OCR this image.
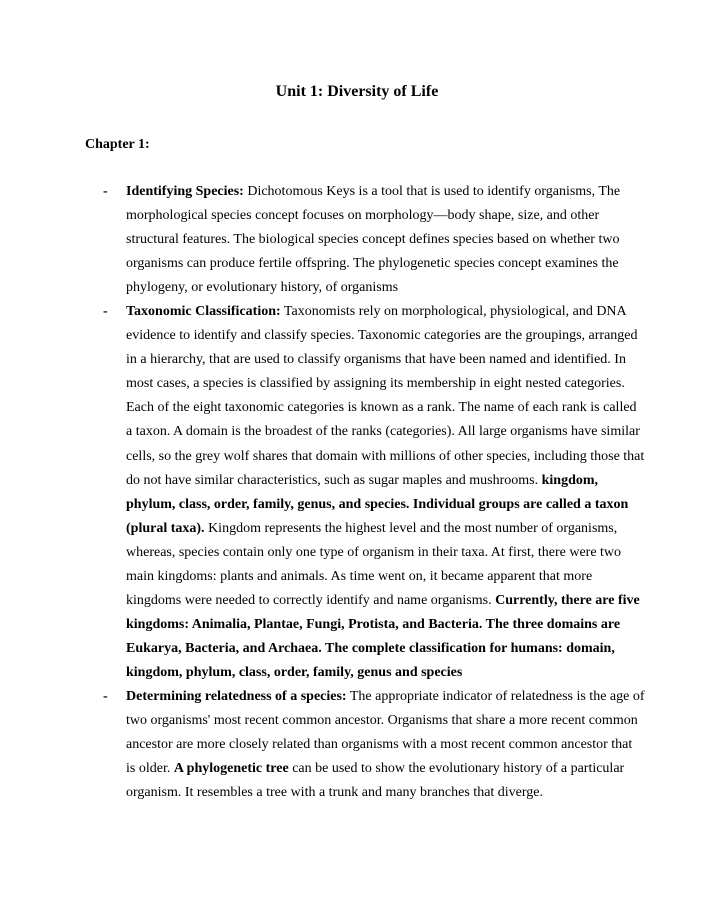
Unit 1: Diversity of Life
Chapter 1:
- Identifying Species: Dichotomous Keys is a tool that is used to identify organisms, The morphological species concept focuses on morphology—body shape, size, and other structural features. The biological species concept defines species based on whether two organisms can produce fertile offspring. The phylogenetic species concept examines the phylogeny, or evolutionary history, of organisms
- Taxonomic Classification: Taxonomists rely on morphological, physiological, and DNA evidence to identify and classify species. Taxonomic categories are the groupings, arranged in a hierarchy, that are used to classify organisms that have been named and identified. In most cases, a species is classified by assigning its membership in eight nested categories. Each of the eight taxonomic categories is known as a rank. The name of each rank is called a taxon. A domain is the broadest of the ranks (categories). All large organisms have similar cells, so the grey wolf shares that domain with millions of other species, including those that do not have similar characteristics, such as sugar maples and mushrooms. kingdom, phylum, class, order, family, genus, and species. Individual groups are called a taxon (plural taxa). Kingdom represents the highest level and the most number of organisms, whereas, species contain only one type of organism in their taxa. At first, there were two main kingdoms: plants and animals. As time went on, it became apparent that more kingdoms were needed to correctly identify and name organisms. Currently, there are five kingdoms: Animalia, Plantae, Fungi, Protista, and Bacteria. The three domains are Eukarya, Bacteria, and Archaea. The complete classification for humans: domain, kingdom, phylum, class, order, family, genus and species
- Determining relatedness of a species: The appropriate indicator of relatedness is the age of two organisms' most recent common ancestor. Organisms that share a more recent common ancestor are more closely related than organisms with a most recent common ancestor that is older. A phylogenetic tree can be used to show the evolutionary history of a particular organism. It resembles a tree with a trunk and many branches that diverge.
